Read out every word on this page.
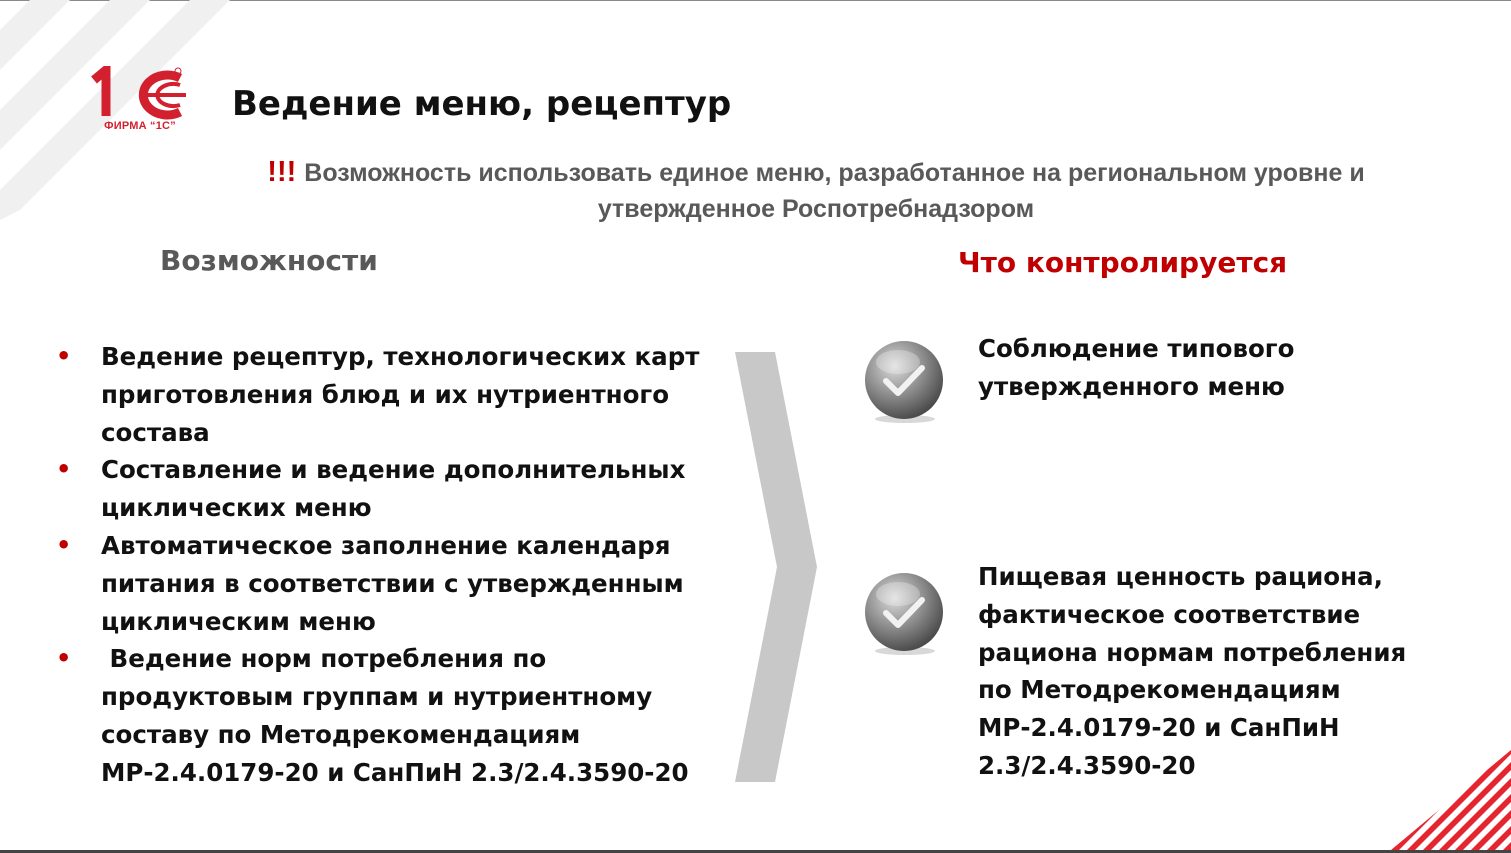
ФИРМА “1С”
Ведение меню, рецептур
!!! Возможность использовать единое меню, разработанное на региональном уровне и
утвержденное Роспотребнадзором
Возможности	Что контролируется
• Ведение рецептур, технологических карт приготовления блюд и их нутриентного состава
• Составление и ведение дополнительных циклических меню
• Автоматическое заполнение календаря питания в соответствии с утвержденным циклическим меню
• Ведение норм потребления по продуктовым группам и нутриентному составу по Методрекомендациям МР-2.4.0179-20 и СанПиН 2.3/2.4.3590-20
Соблюдение типового утвержденного меню
Пищевая ценность рациона, фактическое соответствие рациона нормам потребления по Методрекомендациям МР-2.4.0179-20 и СанПиН 2.3/2.4.3590-20
